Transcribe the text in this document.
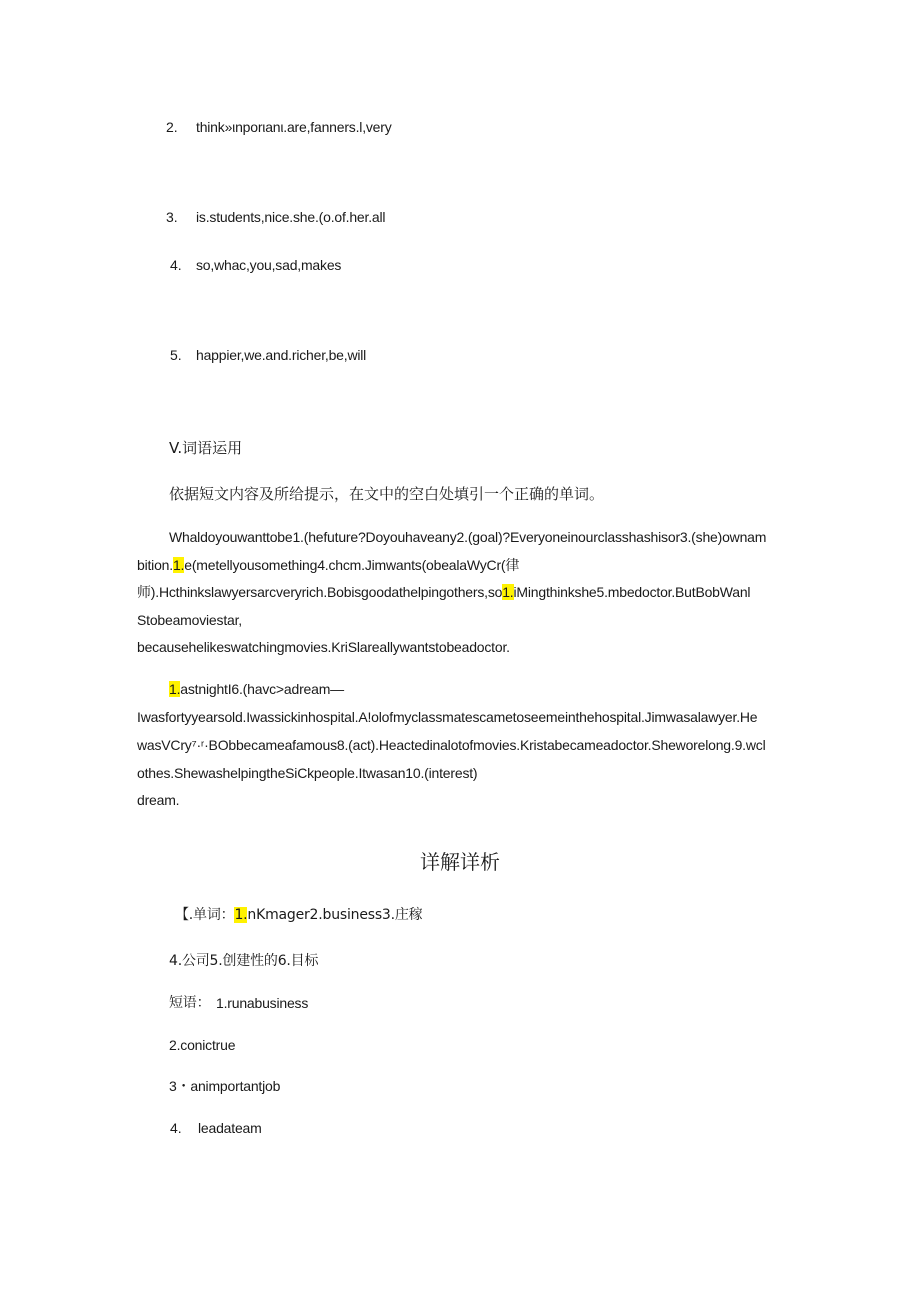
2. think»ιnporιanι.are,fanners.l,very
3. is.students,nice.she.(o.of.her.all
4. so,whac,you,sad,makes
5. happier,we.and.richer,be,will
V.词语运用
依据短文内容及所给提示，在文中的空白处填引一个正确的单词。
Whaldoyouwanttobe1.(hefuture?Doyouhaveany2.(goal)?Everyoneinourclasshashisor3.(she)ownam
bition.1.e(metellyousomething4.chcm.Jimwants(obealaWyCr(律
师).Hcthinkslawyersarcveryrich.Bobisgoodathelpingothers,so1.iMingthinkshe5.mbedoctor.ButBobWanl
Stobeamoviestar,
becausehelikeswatchingmovies.KriSlareallywantstobeadoctor.
1.astnightI6.(havc>adream—
Iwasfortyyearsold.Iwassickinhospital.A!olofmyclassmatescametoseemeinthehospital.Jimwasalawyer.He
wasVCry⁷·ʳ·BObbecameafamous8.(act).Heactedinalotofmovies.Kristabecameadoctor.Sheworelong.9.wcl
othes.ShewashelpingtheSiCkpeople.Itwasan10.(interest)
dream.
详解详析
【.单词：1.nKmager2.business3.庄稼
4.公司5.创建性的6.目标
短语： 1.runabusiness
2.conictrue
3・animportantjob
4. leadateam
